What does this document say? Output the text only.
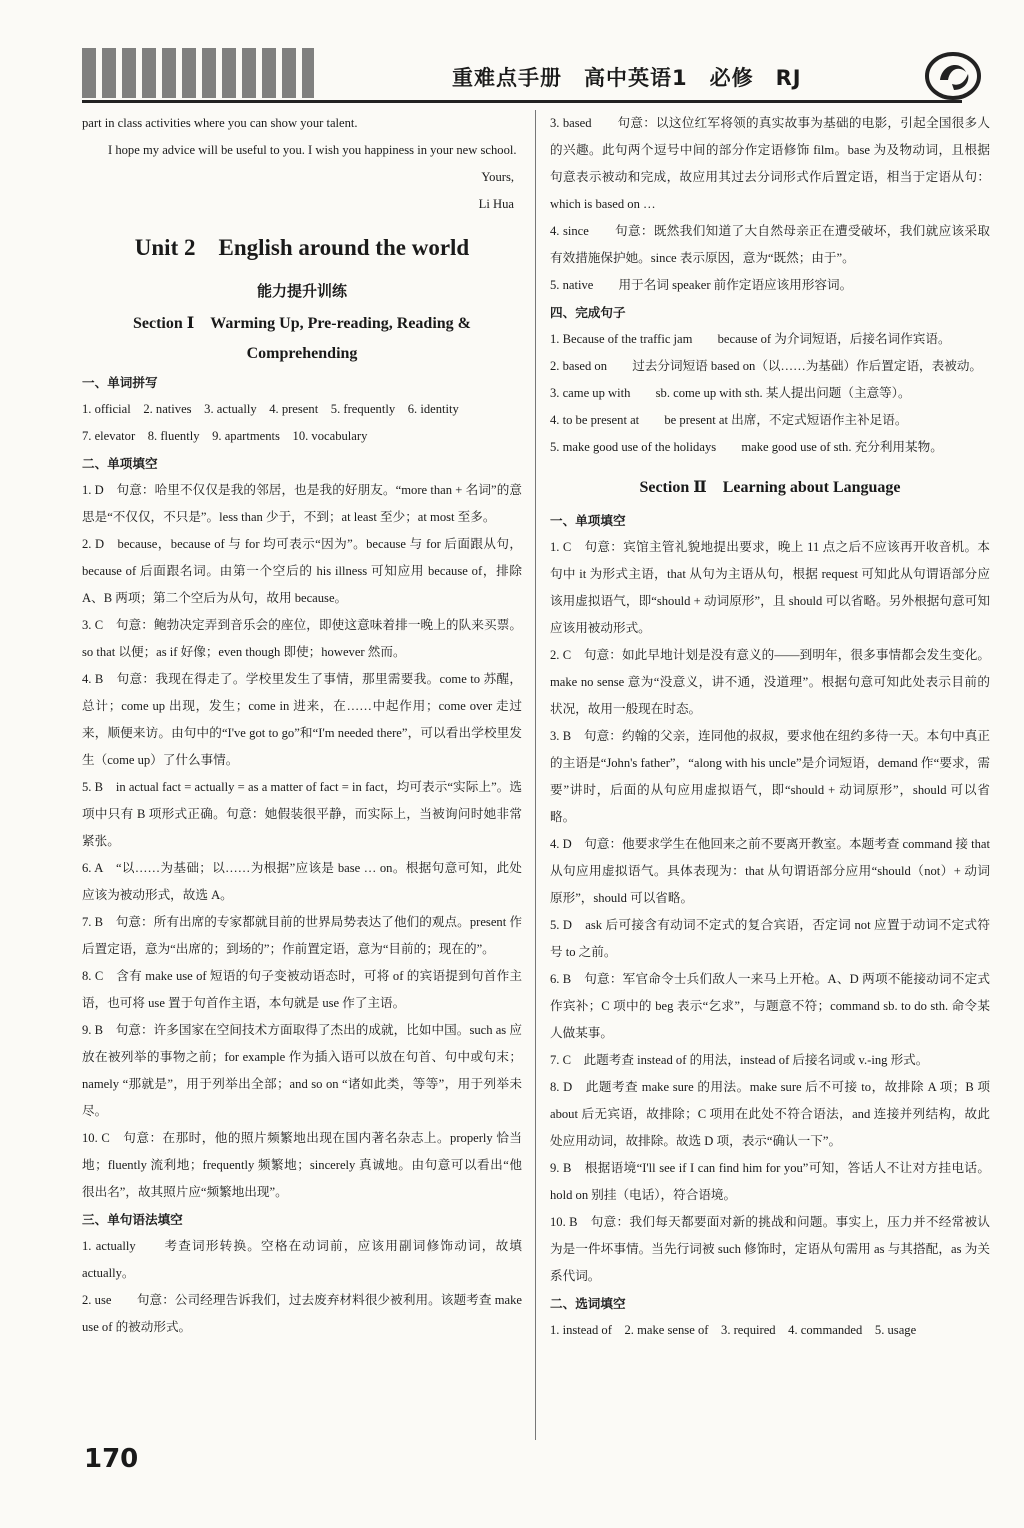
重难点手册　高中英语1　必修　RJ

part in class activities where you can show your talent.

I hope my advice will be useful to you. I wish you happiness in your new school.

Yours,

Li Hua

Unit 2　English around the world
能力提升训练
Section Ⅰ　Warming Up, Pre-reading, Reading & Comprehending

一、单词拼写

1. official　2. natives　3. actually　4. present　5. frequently　6. identity

7. elevator　8. fluently　9. apartments　10. vocabulary

二、单项填空

1. D　句意：哈里不仅仅是我的邻居，也是我的好朋友。“more than + 名词”的意思是“不仅仅，不只是”。less than 少于，不到；at least 至少；at most 至多。

2. D　because，because of 与 for 均可表示“因为”。because 与 for 后面跟从句，because of 后面跟名词。由第一个空后的 his illness 可知应用 because of，排除 A、B 两项；第二个空后为从句，故用 because。

3. C　句意：鲍勃决定弄到音乐会的座位，即使这意味着排一晚上的队来买票。so that 以便；as if 好像；even though 即使；however 然而。

4. B　句意：我现在得走了。学校里发生了事情，那里需要我。come to 苏醒，总计；come up 出现，发生；come in 进来，在……中起作用；come over 走过来，顺便来访。由句中的“I've got to go”和“I'm needed there”，可以看出学校里发生（come up）了什么事情。

5. B　in actual fact = actually = as a matter of fact = in fact，均可表示“实际上”。选项中只有 B 项形式正确。句意：她假装很平静，而实际上，当被询问时她非常紧张。

6. A　“以……为基础；以……为根据”应该是 base … on。根据句意可知，此处应该为被动形式，故选 A。

7. B　句意：所有出席的专家都就目前的世界局势表达了他们的观点。present 作后置定语，意为“出席的；到场的”；作前置定语，意为“目前的；现在的”。

8. C　含有 make use of 短语的句子变被动语态时，可将 of 的宾语提到句首作主语，也可将 use 置于句首作主语，本句就是 use 作了主语。

9. B　句意：许多国家在空间技术方面取得了杰出的成就，比如中国。such as 应放在被列举的事物之前；for example 作为插入语可以放在句首、句中或句末；namely “那就是”，用于列举出全部；and so on “诸如此类，等等”，用于列举未尽。

10. C　句意：在那时，他的照片频繁地出现在国内著名杂志上。properly 恰当地；fluently 流利地；frequently 频繁地；sincerely 真诚地。由句意可以看出“他很出名”，故其照片应“频繁地出现”。

三、单句语法填空

1. actually　　考查词形转换。空格在动词前，应该用副词修饰动词，故填 actually。

2. use　　句意：公司经理告诉我们，过去废弃材料很少被利用。该题考查 make use of 的被动形式。

3. based　　句意：以这位红军将领的真实故事为基础的电影，引起全国很多人的兴趣。此句两个逗号中间的部分作定语修饰 film。base 为及物动词，且根据句意表示被动和完成，故应用其过去分词形式作后置定语，相当于定语从句：which is based on …

4. since　　句意：既然我们知道了大自然母亲正在遭受破坏，我们就应该采取有效措施保护她。since 表示原因，意为“既然；由于”。

5. native　　用于名词 speaker 前作定语应该用形容词。

四、完成句子

1. Because of the traffic jam　　because of 为介词短语，后接名词作宾语。

2. based on　　过去分词短语 based on（以……为基础）作后置定语，表被动。

3. came up with　　sb. come up with sth. 某人提出问题（主意等）。

4. to be present at　　be present at 出席，不定式短语作主补足语。

5. make good use of the holidays　　make good use of sth. 充分利用某物。

Section Ⅱ　Learning about Language

一、单项填空

1. C　句意：宾馆主管礼貌地提出要求，晚上 11 点之后不应该再开收音机。本句中 it 为形式主语，that 从句为主语从句，根据 request 可知此从句谓语部分应该用虚拟语气，即“should + 动词原形”，且 should 可以省略。另外根据句意可知应该用被动形式。

2. C　句意：如此早地计划是没有意义的——到明年，很多事情都会发生变化。make no sense 意为“没意义，讲不通，没道理”。根据句意可知此处表示目前的状况，故用一般现在时态。

3. B　句意：约翰的父亲，连同他的叔叔，要求他在纽约多待一天。本句中真正的主语是“John's father”，“along with his uncle”是介词短语，demand 作“要求，需要”讲时，后面的从句应用虚拟语气，即“should + 动词原形”，should 可以省略。

4. D　句意：他要求学生在他回来之前不要离开教室。本题考查 command 接 that 从句应用虚拟语气。具体表现为：that 从句谓语部分应用“should（not）+ 动词原形”，should 可以省略。

5. D　ask 后可接含有动词不定式的复合宾语，否定词 not 应置于动词不定式符号 to 之前。

6. B　句意：军官命令士兵们敌人一来马上开枪。A、D 两项不能接动词不定式作宾补；C 项中的 beg 表示“乞求”，与题意不符；command sb. to do sth. 命令某人做某事。

7. C　此题考查 instead of 的用法，instead of 后接名词或 v.-ing 形式。

8. D　此题考查 make sure 的用法。make sure 后不可接 to，故排除 A 项；B 项 about 后无宾语，故排除；C 项用在此处不符合语法，and 连接并列结构，故此处应用动词，故排除。故选 D 项，表示“确认一下”。

9. B　根据语境“I'll see if I can find him for you”可知，答话人不让对方挂电话。hold on 别挂（电话），符合语境。

10. B　句意：我们每天都要面对新的挑战和问题。事实上，压力并不经常被认为是一件坏事情。当先行词被 such 修饰时，定语从句需用 as 与其搭配，as 为关系代词。

二、选词填空

1. instead of　2. make sense of　3. required　4. commanded　5. usage

170
